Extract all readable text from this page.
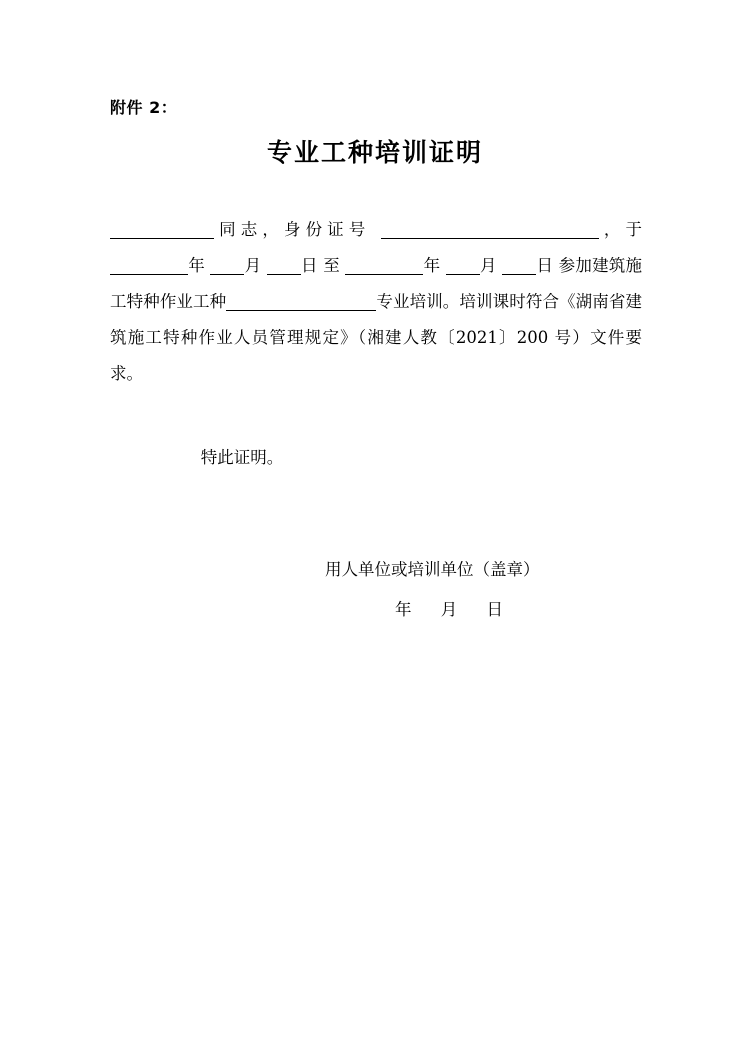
附件 2：
专业工种培训证明

同志，身份证号	，于 年 月 日 至	年 月 日 参加建筑施工特种作业工种	专业培训。培训课时符合《湖南省建筑施工特种作业人员管理规定》（湘建人教〔2021〕200 号）文件要求。

特此证明。
用人单位或培训单位（盖章）
年 月 日
